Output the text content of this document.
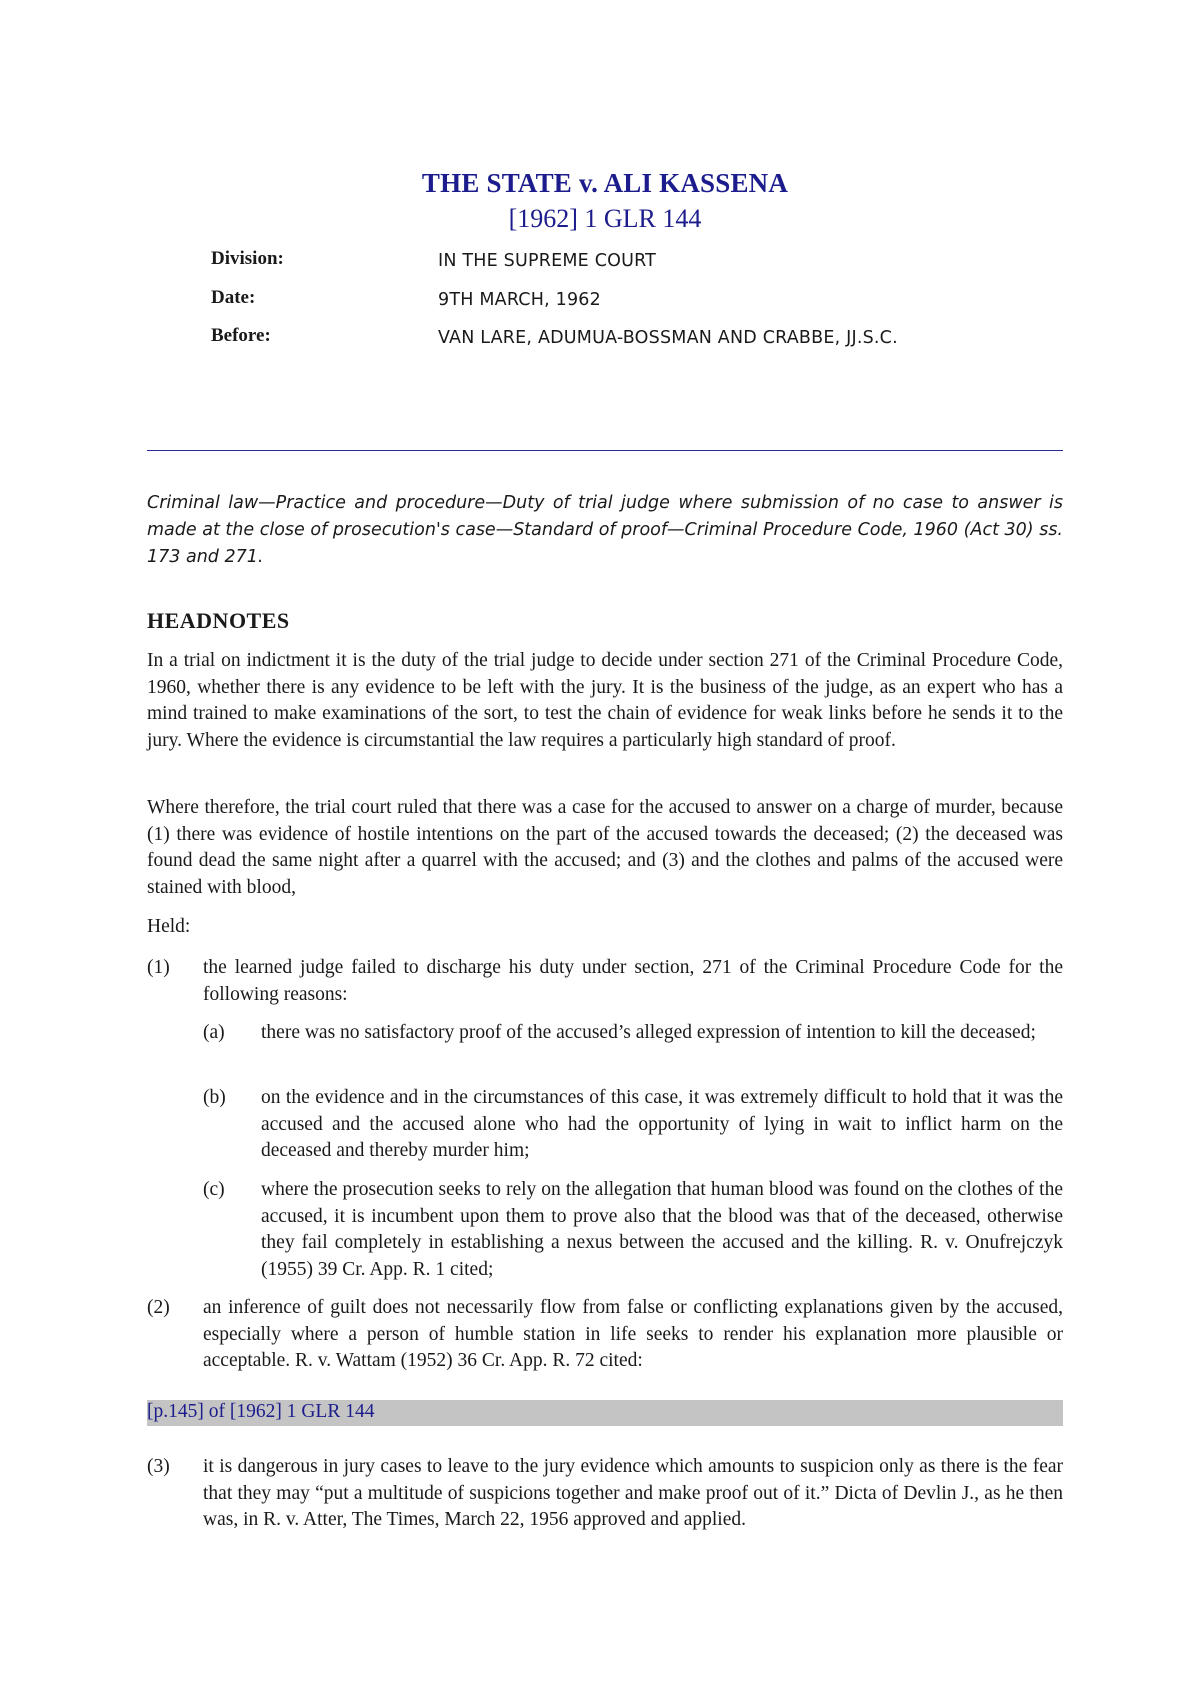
THE STATE v. ALI KASSENA
[1962] 1 GLR 144
Division:	IN THE SUPREME COURT
Date:	9TH MARCH, 1962
Before:	VAN LARE, ADUMUA-BOSSMAN AND CRABBE, JJ.S.C.
Criminal law—Practice and procedure—Duty of trial judge where submission of no case to answer is made at the close of prosecution's case—Standard of proof—Criminal Procedure Code, 1960 (Act 30) ss. 173 and 271.
HEADNOTES
In a trial on indictment it is the duty of the trial judge to decide under section 271 of the Criminal Procedure Code, 1960, whether there is any evidence to be left with the jury. It is the business of the judge, as an expert who has a mind trained to make examinations of the sort, to test the chain of evidence for weak links before he sends it to the jury. Where the evidence is circumstantial the law requires a particularly high standard of proof.
Where therefore, the trial court ruled that there was a case for the accused to answer on a charge of murder, because (1) there was evidence of hostile intentions on the part of the accused towards the deceased; (2) the deceased was found dead the same night after a quarrel with the accused; and (3) and the clothes and palms of the accused were stained with blood,
Held:
(1) the learned judge failed to discharge his duty under section, 271 of the Criminal Procedure Code for the following reasons:
(a) there was no satisfactory proof of the accused’s alleged expression of intention to kill the deceased;
(b) on the evidence and in the circumstances of this case, it was extremely difficult to hold that it was the accused and the accused alone who had the opportunity of lying in wait to inflict harm on the deceased and thereby murder him;
(c) where the prosecution seeks to rely on the allegation that human blood was found on the clothes of the accused, it is incumbent upon them to prove also that the blood was that of the deceased, otherwise they fail completely in establishing a nexus between the accused and the killing. R. v. Onufrejczyk (1955) 39 Cr. App. R. 1 cited;
(2) an inference of guilt does not necessarily flow from false or conflicting explanations given by the accused, especially where a person of humble station in life seeks to render his explanation more plausible or acceptable. R. v. Wattam (1952) 36 Cr. App. R. 72 cited:
[p.145] of [1962] 1 GLR 144
(3) it is dangerous in jury cases to leave to the jury evidence which amounts to suspicion only as there is the fear that they may “put a multitude of suspicions together and make proof out of it.” Dicta of Devlin J., as he then was, in R. v. Atter, The Times, March 22, 1956 approved and applied.
